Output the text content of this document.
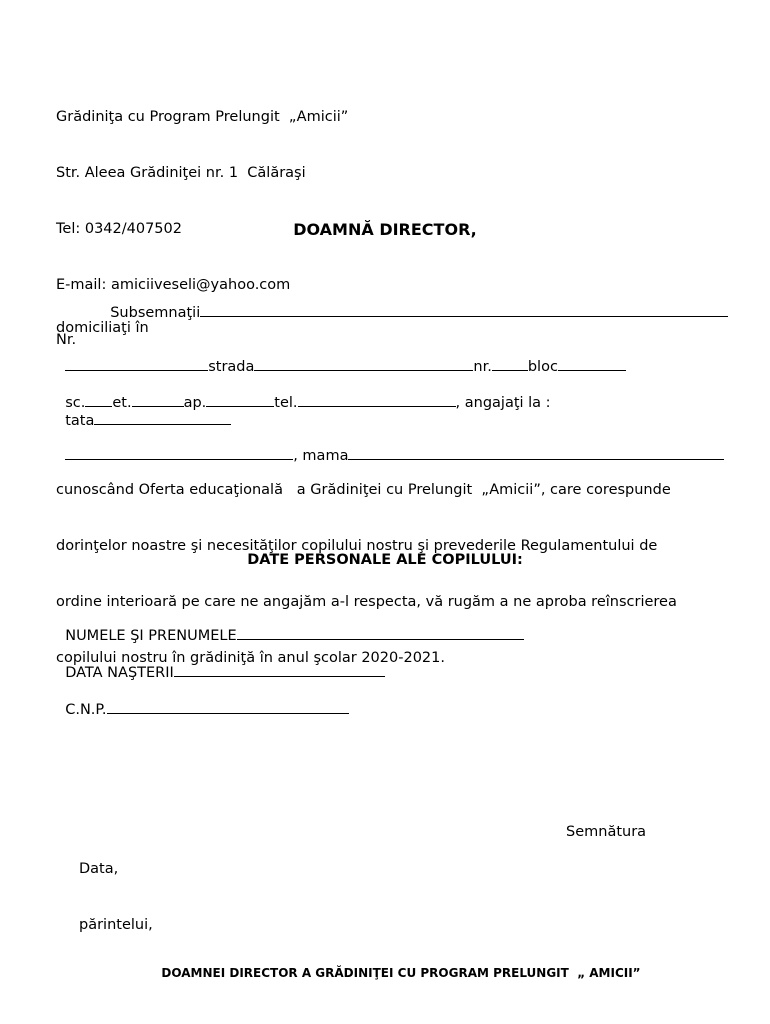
Grădiniţa cu Program Prelungit  „Amicii”

Str. Aleea Grădiniţei nr. 1  Călăraşi

Tel: 0342/407502

E-mail: amiciiveseli@yahoo.com

Nr.

DOAMNĂ DIRECTOR,

Subsemnaţii

domiciliaţi în

strada	nr. bloc

sc. et.	ap.	tel.	, angajaţi la :

tata

, mama

cunoscând Oferta educaţională   a Grădiniţei cu Prelungit  „Amicii”, care corespunde

dorinţelor noastre şi necesităţilor copilului nostru şi prevederile Regulamentului de

ordine interioară pe care ne angajăm a-l respecta, vă rugăm a ne aproba reînscrierea

copilului nostru în grădiniţă în anul şcolar 2020-2021.

DATE PERSONALE ALE COPILULUI:

NUMELE ŞI PRENUMELE

DATA NAŞTERII

C.N.P.

Data,

părintelui,

Semnătura
DOAMNEI DIRECTOR A GRĂDINIŢEI CU PROGRAM PRELUNGIT  „ AMICII”
